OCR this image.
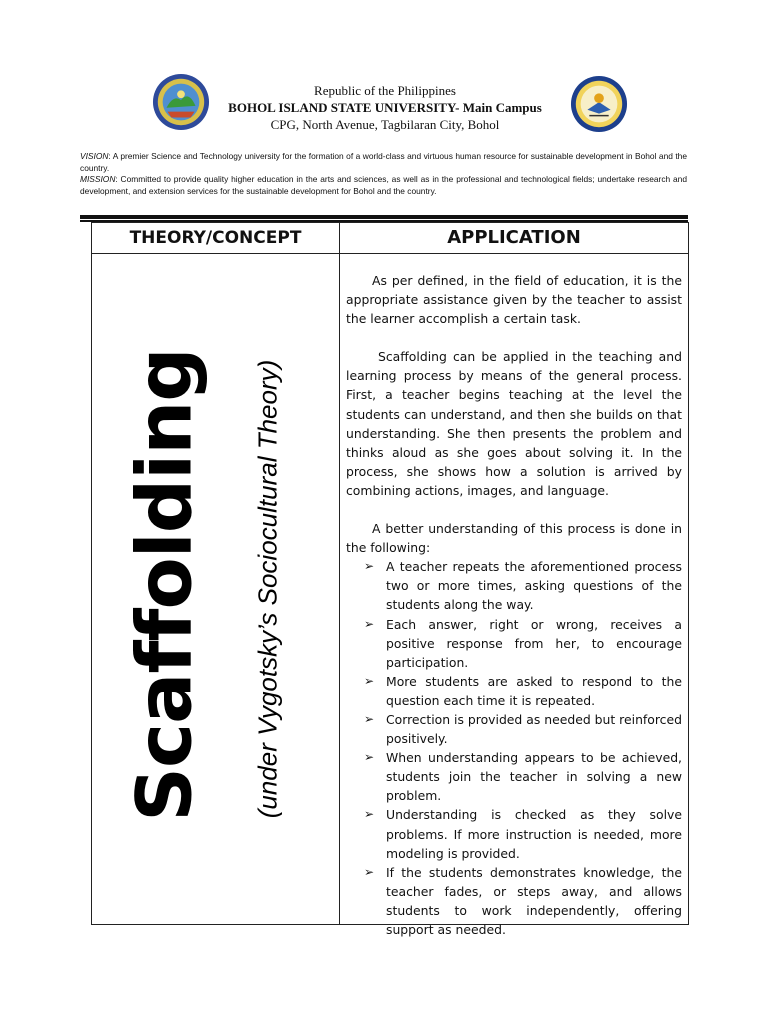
Republic of the Philippines
BOHOL ISLAND STATE UNIVERSITY- Main Campus
CPG, North Avenue, Tagbilaran City, Bohol
VISION: A premier Science and Technology university for the formation of a world-class and virtuous human resource for sustainable development in Bohol and the country.
MISSION: Committed to provide quality higher education in the arts and sciences, as well as in the professional and technological fields; undertake research and development, and extension services for the sustainable development for Bohol and the country.
THEORY/CONCEPT	APPLICATION
Scaffolding (under Vygotsky’s Sociocultural Theory)

As per defined, in the field of education, it is the appropriate assistance given by the teacher to assist the learner accomplish a certain task.

Scaffolding can be applied in the teaching and learning process by means of the general process. First, a teacher begins teaching at the level the students can understand, and then she builds on that understanding. She then presents the problem and thinks aloud as she goes about solving it. In the process, she shows how a solution is arrived by combining actions, images, and language.

A better understanding of this process is done in the following:

➢ A teacher repeats the aforementioned process two or more times, asking questions of the students along the way.
➢ Each answer, right or wrong, receives a positive response from her, to encourage participation.
➢ More students are asked to respond to the question each time it is repeated.
➢ Correction is provided as needed but reinforced positively.
➢ When understanding appears to be achieved, students join the teacher in solving a new problem.
➢ Understanding is checked as they solve problems. If more instruction is needed, more modeling is provided.
➢ If the students demonstrates knowledge, the teacher fades, or steps away, and allows students to work independently, offering support as needed.
